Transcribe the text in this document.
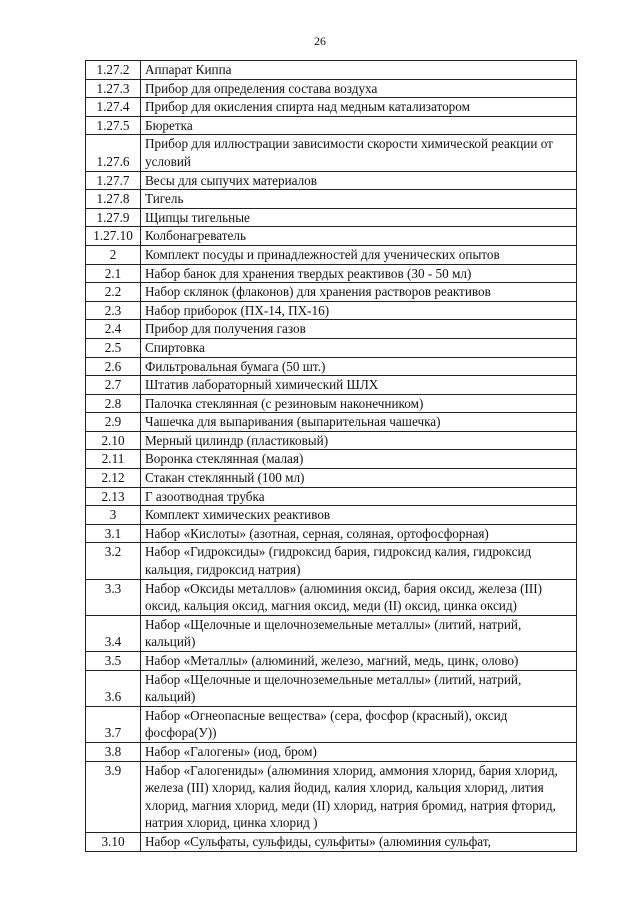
26
1.27.2	Аппарат Киппа
1.27.3	Прибор для определения состава воздуха
1.27.4	Прибор для окисления спирта над медным катализатором
1.27.5	Бюретка
1.27.6	Прибор для иллюстрации зависимости скорости химической реакции от условий
1.27.7	Весы для сыпучих материалов
1.27.8	Тигель
1.27.9	Щипцы тигельные
1.27.10	Колбонагреватель
2	Комплект посуды и принадлежностей для ученических опытов
2.1	Набор банок для хранения твердых реактивов (30 - 50 мл)
2.2	Набор склянок (флаконов) для хранения растворов реактивов
2.3	Набор приборок (ПХ-14, ПХ-16)
2.4	Прибор для получения газов
2.5	Спиртовка
2.6	Фильтровальная бумага (50 шт.)
2.7	Штатив лабораторный химический ШЛХ
2.8	Палочка стеклянная (с резиновым наконечником)
2.9	Чашечка для выпаривания (выпарительная чашечка)
2.10	Мерный цилиндр (пластиковый)
2.11	Воронка стеклянная (малая)
2.12	Стакан стеклянный (100 мл)
2.13	Г азоотводная трубка
3	Комплект химических реактивов
3.1	Набор «Кислоты» (азотная, серная, соляная, ортофосфорная)
3.2	Набор «Гидроксиды» (гидроксид бария, гидроксид калия, гидроксид кальция, гидроксид натрия)
3.3	Набор «Оксиды металлов» (алюминия оксид, бария оксид, железа (III) оксид, кальция оксид, магния оксид, меди (II) оксид, цинка оксид)
3.4	Набор «Щелочные и щелочноземельные металлы» (литий, натрий, кальций)
3.5	Набор «Металлы» (алюминий, железо, магний, медь, цинк, олово)
3.6	Набор «Щелочные и щелочноземельные металлы» (литий, натрий, кальций)
3.7	Набор «Огнеопасные вещества» (сера, фосфор (красный), оксид фосфора(У))
3.8	Набор «Галогены» (иод, бром)
3.9	Набор «Галогениды» (алюминия хлорид, аммония хлорид, бария хлорид, железа (III) хлорид, калия йодид, калия хлорид, кальция хлорид, лития хлорид, магния хлорид, меди (II) хлорид, натрия бромид, натрия фторид, натрия хлорид, цинка хлорид )
3.10	Набор «Сульфаты, сульфиды, сульфиты» (алюминия сульфат,
